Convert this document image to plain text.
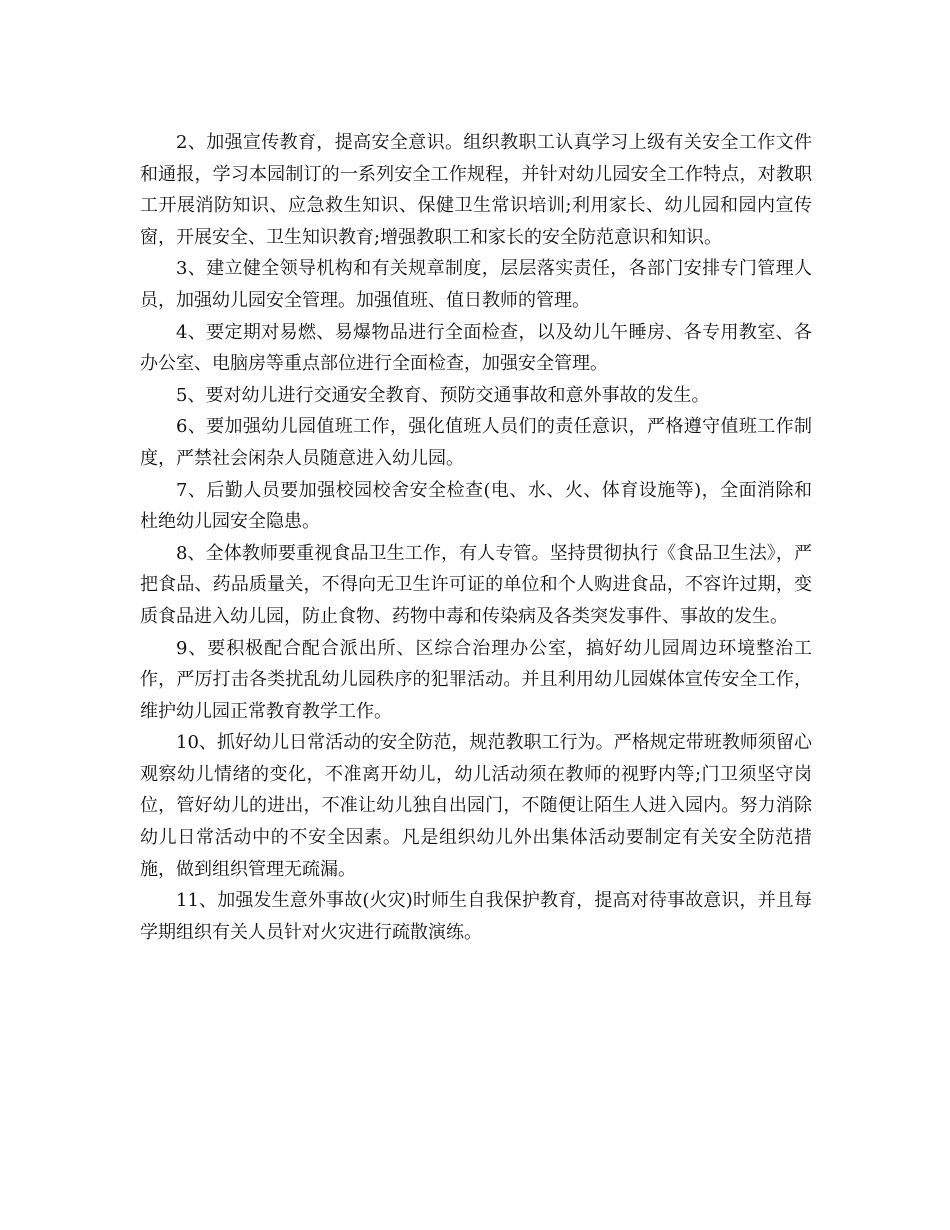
2、加强宣传教育，提高安全意识。组织教职工认真学习上级有关安全工作文件和通报，学习本园制订的一系列安全工作规程，并针对幼儿园安全工作特点，对教职工开展消防知识、应急救生知识、保健卫生常识培训;利用家长、幼儿园和园内宣传窗，开展安全、卫生知识教育;增强教职工和家长的安全防范意识和知识。

3、建立健全领导机构和有关规章制度，层层落实责任，各部门安排专门管理人员，加强幼儿园安全管理。加强值班、值日教师的管理。

4、要定期对易燃、易爆物品进行全面检查，以及幼儿午睡房、各专用教室、各办公室、电脑房等重点部位进行全面检查，加强安全管理。

5、要对幼儿进行交通安全教育、预防交通事故和意外事故的发生。

6、要加强幼儿园值班工作，强化值班人员们的责任意识，严格遵守值班工作制度，严禁社会闲杂人员随意进入幼儿园。

7、后勤人员要加强校园校舍安全检查(电、水、火、体育设施等)，全面消除和杜绝幼儿园安全隐患。

8、全体教师要重视食品卫生工作，有人专管。坚持贯彻执行《食品卫生法》，严把食品、药品质量关，不得向无卫生许可证的单位和个人购进食品，不容许过期，变质食品进入幼儿园，防止食物、药物中毒和传染病及各类突发事件、事故的发生。

9、要积极配合配合派出所、区综合治理办公室，搞好幼儿园周边环境整治工作，严厉打击各类扰乱幼儿园秩序的犯罪活动。并且利用幼儿园媒体宣传安全工作，维护幼儿园正常教育教学工作。

10、抓好幼儿日常活动的安全防范，规范教职工行为。严格规定带班教师须留心观察幼儿情绪的变化，不准离开幼儿，幼儿活动须在教师的视野内等;门卫须坚守岗位，管好幼儿的进出，不准让幼儿独自出园门，不随便让陌生人进入园内。努力消除幼儿日常活动中的不安全因素。凡是组织幼儿外出集体活动要制定有关安全防范措施，做到组织管理无疏漏。

11、加强发生意外事故(火灾)时师生自我保护教育，提高对待事故意识，并且每学期组织有关人员针对火灾进行疏散演练。
